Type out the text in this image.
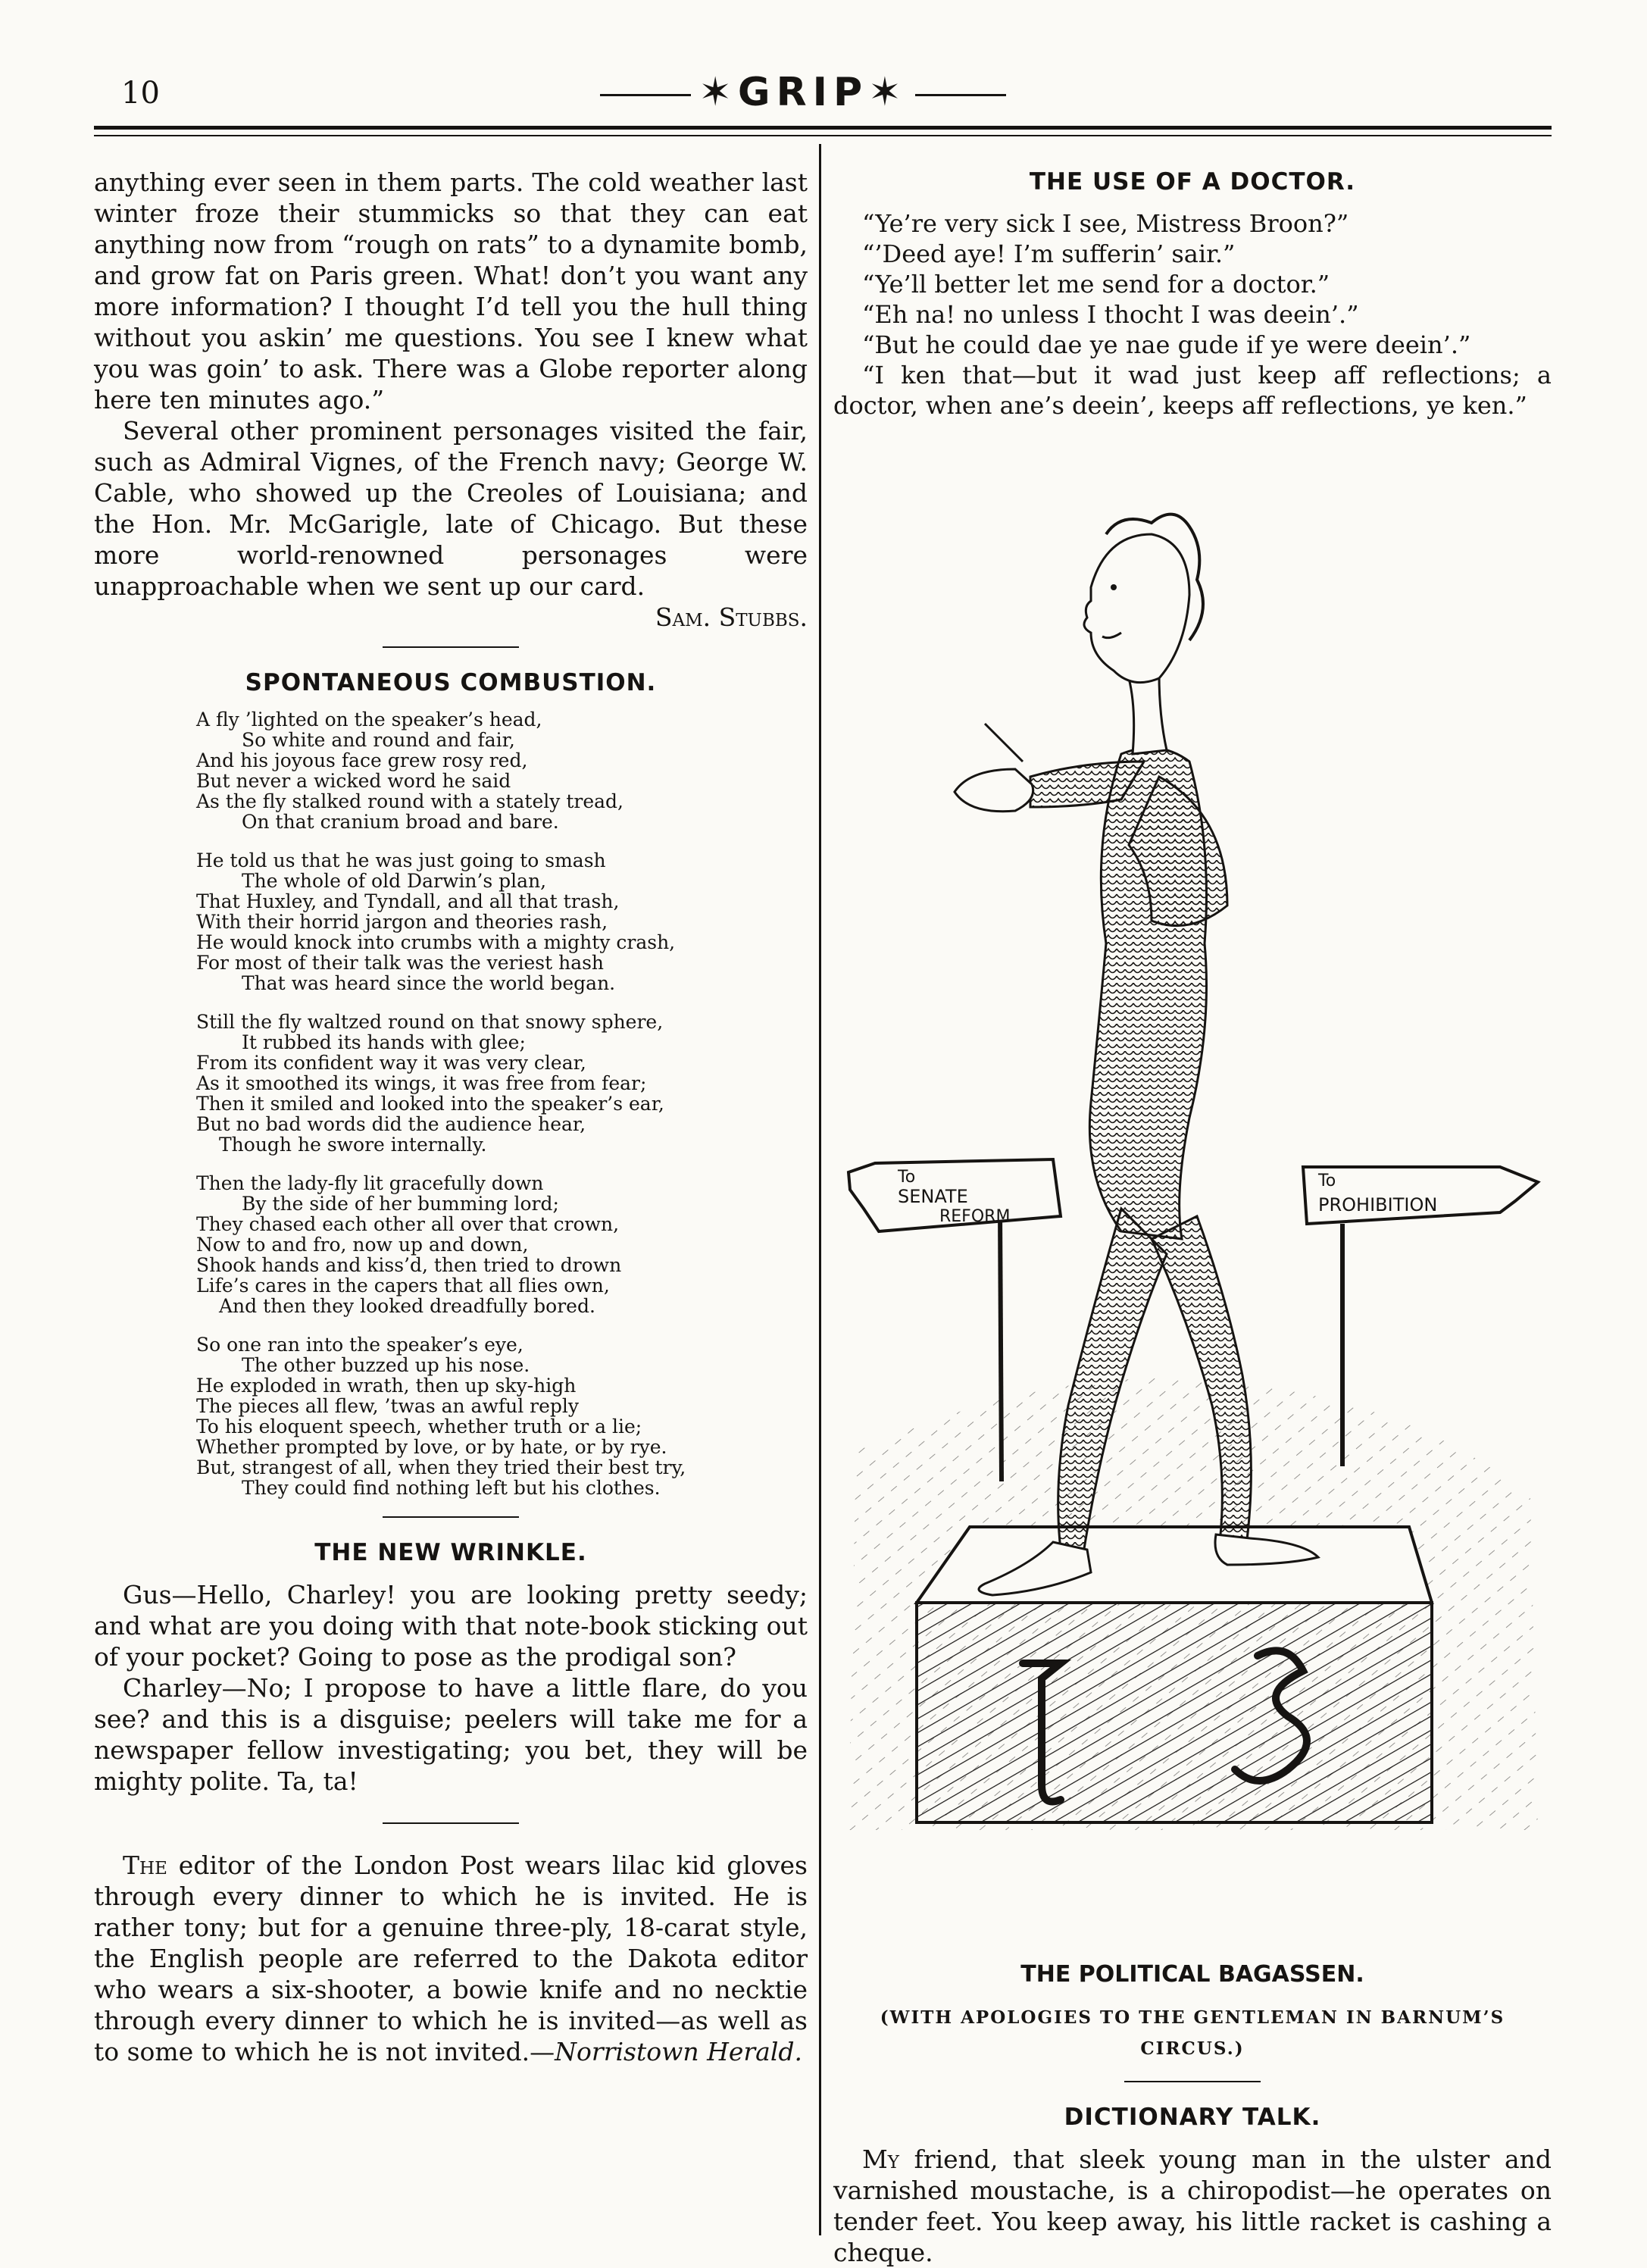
10	✶GRIP✶

anything ever seen in them parts. The cold weather last winter froze their stummicks so that they can eat anything now from “rough on rats” to a dynamite bomb, and grow fat on Paris green. What! don’t you want any more information? I thought I’d tell you the hull thing without you askin’ me questions. You see I knew what you was goin’ to ask. There was a Globe reporter along here ten minutes ago.”

Several other prominent personages visited the fair, such as Admiral Vignes, of the French navy; George W. Cable, who showed up the Creoles of Louisiana; and the Hon. Mr. McGarigle, late of Chicago. But these more world-renowned personages were unapproachable when we sent up our card.

Sam. Stubbs.
SPONTANEOUS COMBUSTION.
A fly ’lighted on the speaker’s head,
So white and round and fair,
And his joyous face grew rosy red,
But never a wicked word he said
As the fly stalked round with a stately tread,
On that cranium broad and bare.
He told us that he was just going to smash
The whole of old Darwin’s plan,
That Huxley, and Tyndall, and all that trash,
With their horrid jargon and theories rash,
He would knock into crumbs with a mighty crash,
For most of their talk was the veriest hash
That was heard since the world began.
Still the fly waltzed round on that snowy sphere,
It rubbed its hands with glee;
From its confident way it was very clear,
As it smoothed its wings, it was free from fear;
Then it smiled and looked into the speaker’s ear,
But no bad words did the audience hear,
Though he swore internally.
Then the lady-fly lit gracefully down
By the side of her bumming lord;
They chased each other all over that crown,
Now to and fro, now up and down,
Shook hands and kiss’d, then tried to drown
Life’s cares in the capers that all flies own,
And then they looked dreadfully bored.
So one ran into the speaker’s eye,
The other buzzed up his nose.
He exploded in wrath, then up sky-high
The pieces all flew, ’twas an awful reply
To his eloquent speech, whether truth or a lie;
Whether prompted by love, or by hate, or by rye.
But, strangest of all, when they tried their best try,
They could find nothing left but his clothes.
THE NEW WRINKLE.

Gus—Hello, Charley! you are looking pretty seedy; and what are you doing with that note-book sticking out of your pocket? Going to pose as the prodigal son?

Charley—No; I propose to have a little flare, do you see? and this is a disguise; peelers will take me for a newspaper fellow investigating; you bet, they will be mighty polite. Ta, ta!

The editor of the London Post wears lilac kid gloves through every dinner to which he is invited. He is rather tony; but for a genuine three-ply, 18-carat style, the English people are referred to the Dakota editor who wears a six-shooter, a bowie knife and no necktie through every dinner to which he is invited—as well as to some to which he is not invited.—Norristown Herald.

THE USE OF A DOCTOR.
“Ye’re very sick I see, Mistress Broon?”
“’Deed aye! I’m sufferin’ sair.”
“Ye’ll better let me send for a doctor.”
“Eh na! no unless I thocht I was deein’.”
“But he could dae ye nae gude if ye were deein’.”
“I ken that—but it wad just keep aff reflections; a doctor, when ane’s deein’, keeps aff reflections, ye ken.”
To
SENATE
REFORM
To
PROHIBITION
THE POLITICAL BAGASSEN.
(WITH APOLOGIES TO THE GENTLEMAN IN BARNUM’S CIRCUS.)
DICTIONARY TALK.

My friend, that sleek young man in the ulster and varnished moustache, is a chiropodist—he operates on tender feet. You keep away, his little racket is cashing a cheque.
